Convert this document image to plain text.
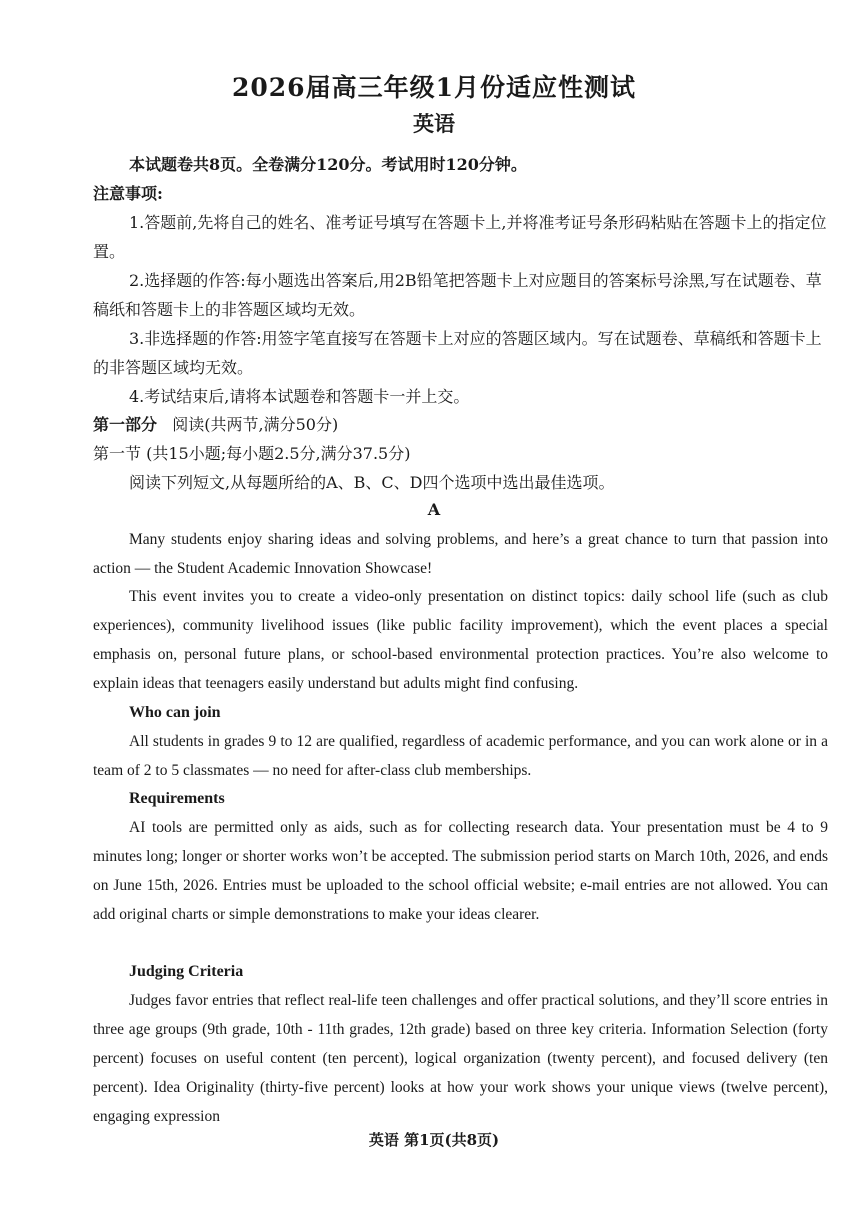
2026届高三年级1月份适应性测试
英语
本试题卷共8页。全卷满分120分。考试用时120分钟。
注意事项:
1.答题前,先将自己的姓名、准考证号填写在答题卡上,并将准考证号条形码粘贴在答题卡上的指定位置。
2.选择题的作答:每小题选出答案后,用2B铅笔把答题卡上对应题目的答案标号涂黑,写在试题卷、草稿纸和答题卡上的非答题区域均无效。
3.非选择题的作答:用签字笔直接写在答题卡上对应的答题区域内。写在试题卷、草稿纸和答题卡上的非答题区域均无效。
4.考试结束后,请将本试题卷和答题卡一并上交。
第一部分 阅读(共两节,满分50分)
第一节 (共15小题;每小题2.5分,满分37.5分)
阅读下列短文,从每题所给的A、B、C、D四个选项中选出最佳选项。
A
Many students enjoy sharing ideas and solving problems, and here’s a great chance to turn that passion into action — the Student Academic Innovation Showcase!
This event invites you to create a video-only presentation on distinct topics: daily school life (such as club experiences), community livelihood issues (like public facility improvement), which the event places a special emphasis on, personal future plans, or school-based environmental protection practices. You’re also welcome to explain ideas that teenagers easily understand but adults might find confusing.
Who can join
All students in grades 9 to 12 are qualified, regardless of academic performance, and you can work alone or in a team of 2 to 5 classmates — no need for after-class club memberships.
Requirements
AI tools are permitted only as aids, such as for collecting research data. Your presentation must be 4 to 9 minutes long; longer or shorter works won’t be accepted. The submission period starts on March 10th, 2026, and ends on June 15th, 2026. Entries must be uploaded to the school official website; e-mail entries are not allowed. You can add original charts or simple demonstrations to make your ideas clearer.
Judging Criteria
Judges favor entries that reflect real-life teen challenges and offer practical solutions, and they’ll score entries in three age groups (9th grade, 10th - 11th grades, 12th grade) based on three key criteria. Information Selection (forty percent) focuses on useful content (ten percent), logical organization (twenty percent), and focused delivery (ten percent). Idea Originality (thirty-five percent) looks at how your work shows your unique views (twelve percent), engaging expression
英语 第1页(共8页)
